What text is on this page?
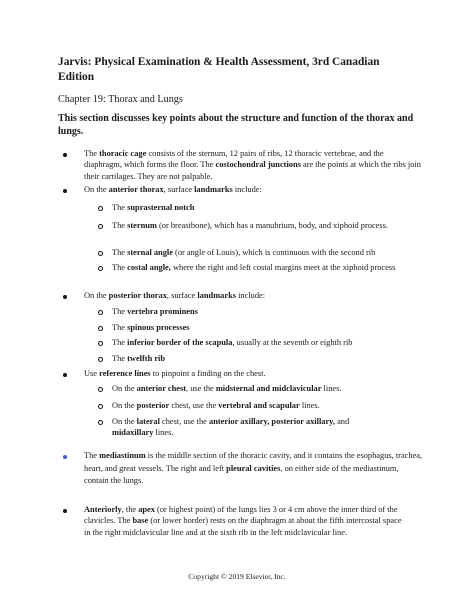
Jarvis: Physical Examination & Health Assessment, 3rd Canadian Edition
Chapter 19: Thorax and Lungs
This section discusses key points about the structure and function of the thorax and lungs.
The thoracic cage consists of the sternum, 12 pairs of ribs, 12 thoracic vertebrae, and the diaphragm, which forms the floor. The costochondral junctions are the points at which the ribs join their cartilages. They are not palpable.
On the anterior thorax, surface landmarks include:
The suprasternal notch
The sternum (or breastbone), which has a manubrium, body, and xiphoid process.
The sternal angle (or angle of Louis), which is continuous with the second rib
The costal angle, where the right and left costal margins meet at the xiphoid process
On the posterior thorax, surface landmarks include:
The vertebra prominens
The spinous processes
The inferior border of the scapula, usually at the seventh or eighth rib
The twelfth rib
Use reference lines to pinpoint a finding on the chest.
On the anterior chest, use the midsternal and midclavicular lines.
On the posterior chest, use the vertebral and scapular lines.
On the lateral chest, use the anterior axillary, posterior axillary, and midaxillary lines.
The mediastinum is the middle section of the thoracic cavity, and it contains the esophagus, trachea, heart, and great vessels. The right and left pleural cavities, on either side of the mediastinum, contain the lungs.
Anteriorly, the apex (or highest point) of the lungs lies 3 or 4 cm above the inner third of the clavicles. The base (or lower border) rests on the diaphragm at about the fifth intercostal space in the right midclavicular line and at the sixth rib in the left midclavicular line.
Copyright © 2019 Elsevier, Inc.
